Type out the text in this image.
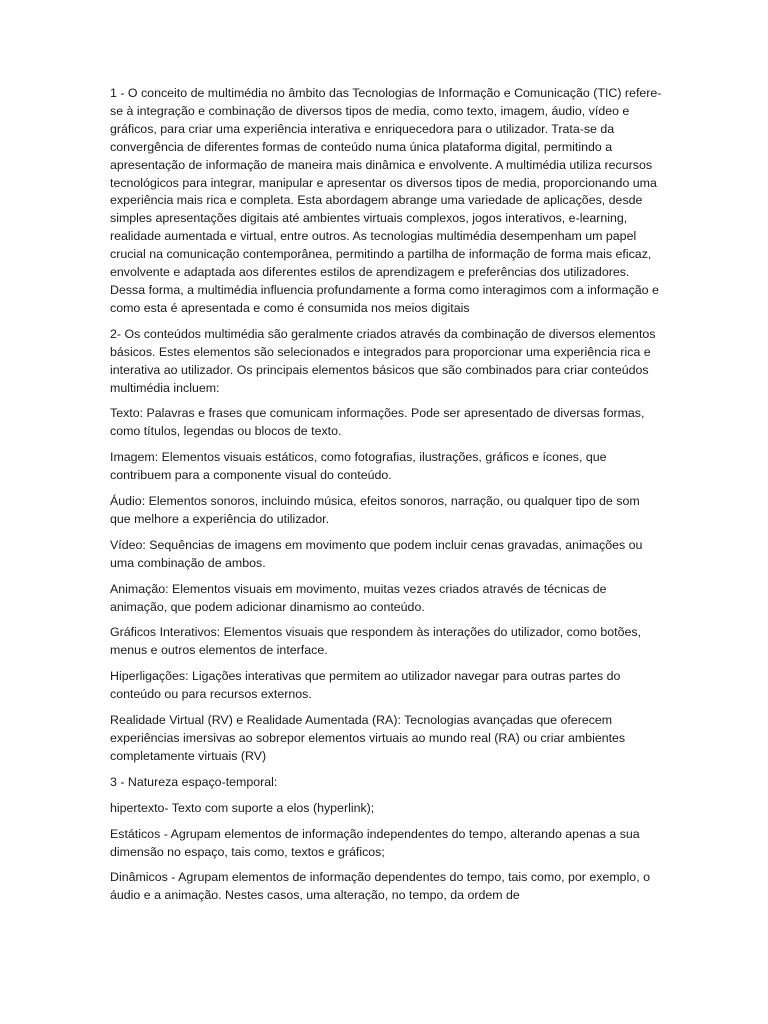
1 - O conceito de multimédia no âmbito das Tecnologias de Informação e Comunicação (TIC) refere-se à integração e combinação de diversos tipos de media, como texto, imagem, áudio, vídeo e gráficos, para criar uma experiência interativa e enriquecedora para o utilizador. Trata-se da convergência de diferentes formas de conteúdo numa única plataforma digital, permitindo a apresentação de informação de maneira mais dinâmica e envolvente. A multimédia utiliza recursos tecnológicos para integrar, manipular e apresentar os diversos tipos de media, proporcionando uma experiência mais rica e completa. Esta abordagem abrange uma variedade de aplicações, desde simples apresentações digitais até ambientes virtuais complexos, jogos interativos, e-learning, realidade aumentada e virtual, entre outros. As tecnologias multimédia desempenham um papel crucial na comunicação contemporânea, permitindo a partilha de informação de forma mais eficaz, envolvente e adaptada aos diferentes estilos de aprendizagem e preferências dos utilizadores. Dessa forma, a multimédia influencia profundamente a forma como interagimos com a informação e como esta é apresentada e como é consumida nos meios digitais

2- Os conteúdos multimédia são geralmente criados através da combinação de diversos elementos básicos. Estes elementos são selecionados e integrados para proporcionar uma experiência rica e interativa ao utilizador. Os principais elementos básicos que são combinados para criar conteúdos multimédia incluem:

Texto: Palavras e frases que comunicam informações. Pode ser apresentado de diversas formas, como títulos, legendas ou blocos de texto.

Imagem: Elementos visuais estáticos, como fotografias, ilustrações, gráficos e ícones, que contribuem para a componente visual do conteúdo.

Áudio: Elementos sonoros, incluindo música, efeitos sonoros, narração, ou qualquer tipo de som que melhore a experiência do utilizador.

Vídeo: Sequências de imagens em movimento que podem incluir cenas gravadas, animações ou uma combinação de ambos.

Animação: Elementos visuais em movimento, muitas vezes criados através de técnicas de animação, que podem adicionar dinamismo ao conteúdo.

Gráficos Interativos: Elementos visuais que respondem às interações do utilizador, como botões, menus e outros elementos de interface.

Hiperligações: Ligações interativas que permitem ao utilizador navegar para outras partes do conteúdo ou para recursos externos.

Realidade Virtual (RV) e Realidade Aumentada (RA): Tecnologias avançadas que oferecem experiências imersivas ao sobrepor elementos virtuais ao mundo real (RA) ou criar ambientes completamente virtuais (RV)

3 - Natureza espaço-temporal:

hipertexto- Texto com suporte a elos (hyperlink);

Estáticos - Agrupam elementos de informação independentes do tempo, alterando apenas a sua dimensão no espaço, tais como, textos e gráficos;

Dinâmicos - Agrupam elementos de informação dependentes do tempo, tais como, por exemplo, o áudio e a animação. Nestes casos, uma alteração, no tempo, da ordem de
